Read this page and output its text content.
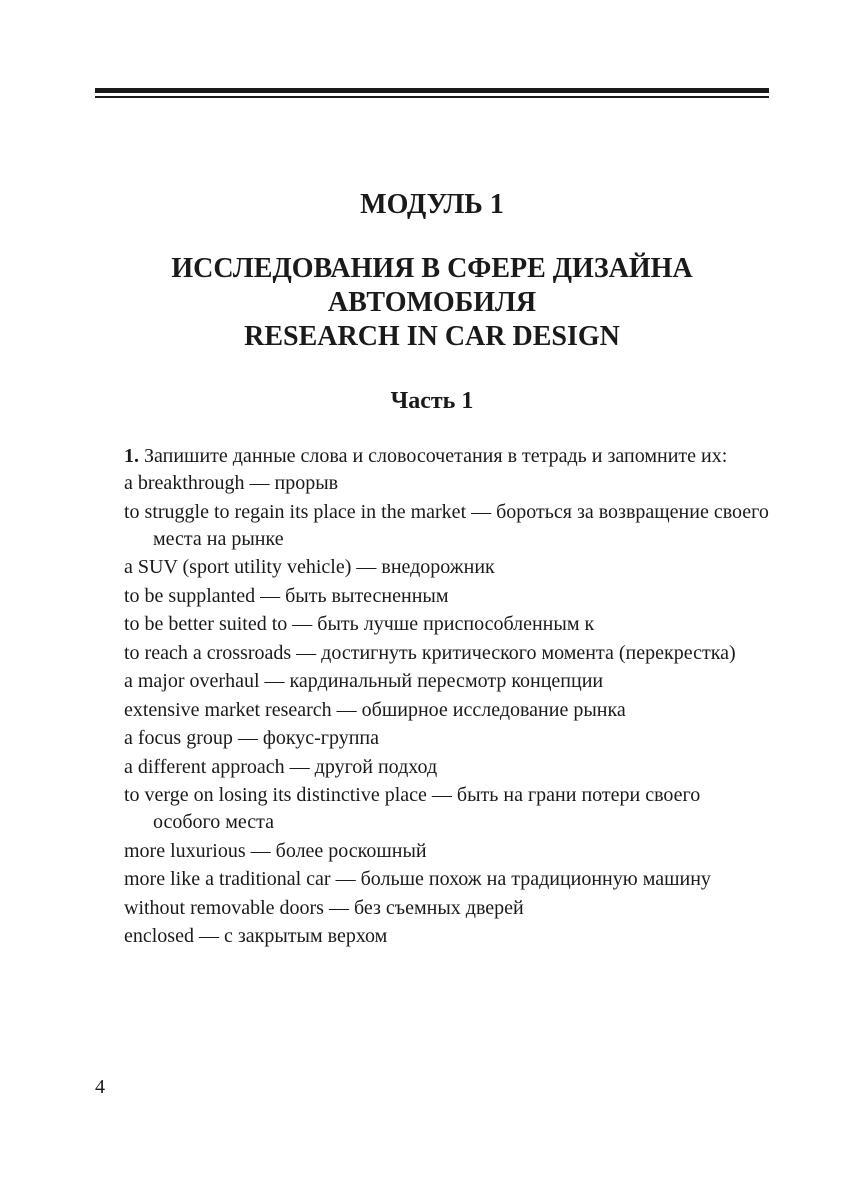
МОДУЛЬ 1
ИССЛЕДОВАНИЯ В СФЕРЕ ДИЗАЙНА
АВТОМОБИЛЯ
RESEARCH IN CAR DESIGN
Часть 1

1. Запишите данные слова и словосочетания в тетрадь и запомните их:

a breakthrough — прорыв
to struggle to regain its place in the market — бороться за возвращение своего места на рынке
a SUV (sport utility vehicle) — внедорожник
to be supplanted — быть вытесненным
to be better suited to — быть лучше приспособленным к
to reach a crossroads — достигнуть критического момента (перекрестка)
a major overhaul — кардинальный пересмотр концепции
extensive market research — обширное исследование рынка
a focus group — фокус-группа
a different approach — другой подход
to verge on losing its distinctive place — быть на грани потери своего особого места
more luxurious — более роскошный
more like a traditional car — больше похож на традиционную машину
without removable doors — без съемных дверей
enclosed — с закрытым верхом
4
